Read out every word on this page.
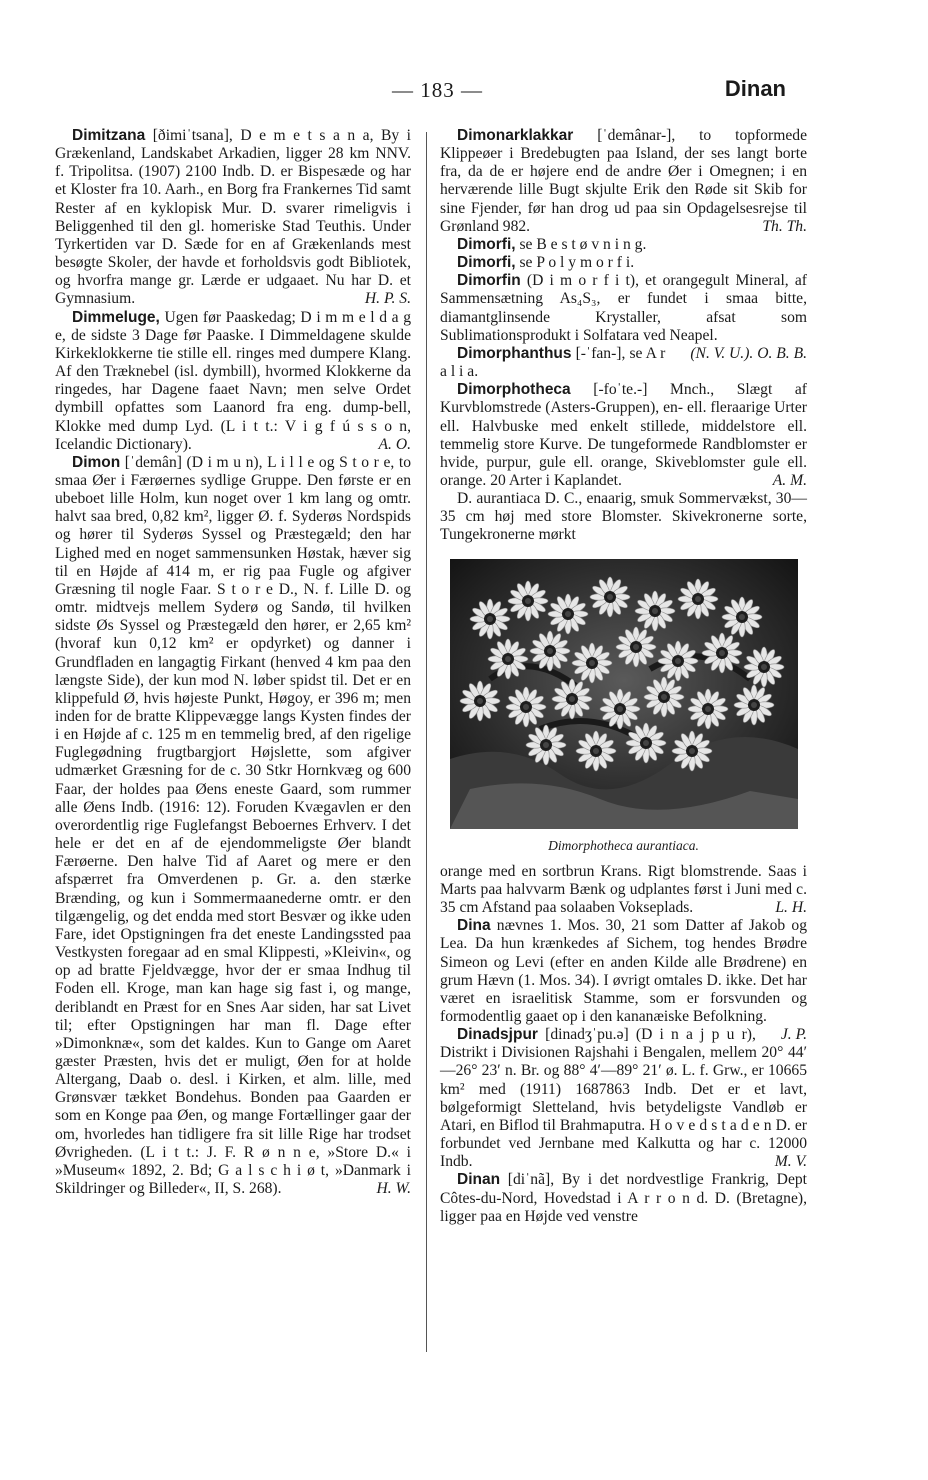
— 183 —	Dinan

Dimitzana [ðimiˈtsana], D e m e t s a n a, By i Grækenland, Landskabet Arkadien, ligger 28 km NNV. f. Tripolitsa. (1907) 2100 Indb. D. er Bispesæde og har et Kloster fra 10. Aarh., en Borg fra Frankernes Tid samt Rester af en kyklopisk Mur. D. svarer rimeligvis i Beliggenhed til den gl. homeriske Stad Teuthis. Under Tyrkertiden var D. Sæde for en af Grækenlands mest besøgte Skoler, der havde et forholdsvis godt Bibliotek, og hvorfra mange gr. Lærde er udgaaet. Nu har D. et Gymnasium.	H. P. S.

Dimmeluge, Ugen før Paaskedag; D i m m e l d a g e, de sidste 3 Dage før Paaske. I Dimmeldagene skulde Kirkeklokkerne tie stille ell. ringes med dumpere Klang. Af den Træknebel (isl. dymbill), hvormed Klokkerne da ringedes, har Dagene faaet Navn; men selve Ordet dymbill opfattes som Laanord fra eng. dump-bell, Klokke med dump Lyd. (L i t t.: V i g f ú s s o n, Icelandic Dictionary).	A. O.

Dimon [ˈdemân] (D i m u n), L i l l e og S t o r e, to smaa Øer i Færøernes sydlige Gruppe. Den første er en ubeboet lille Holm, kun noget over 1 km lang og omtr. halvt saa bred, 0,82 km², ligger Ø. f. Syderøs Nordspids og hører til Syderøs Syssel og Præstegæld; den har Lighed med en noget sammensunken Høstak, hæver sig til en Højde af 414 m, er rig paa Fugle og afgiver Græsning til nogle Faar. S t o r e D., N. f. Lille D. og omtr. midtvejs mellem Syderø og Sandø, til hvilken sidste Øs Syssel og Præstegæld den hører, er 2,65 km² (hvoraf kun 0,12 km² er opdyrket) og danner i Grundfladen en langagtig Firkant (henved 4 km paa den længste Side), der kun mod N. løber spidst til. Det er en klippefuld Ø, hvis højeste Punkt, Høgoy, er 396 m; men inden for de bratte Klippevægge langs Kysten findes der i en Højde af c. 125 m en temmelig bred, af den rigelige Fuglegødning frugtbargjort Højslette, som afgiver udmærket Græsning for de c. 30 Stkr Hornkvæg og 600 Faar, der holdes paa Øens eneste Gaard, som rummer alle Øens Indb. (1916: 12). Foruden Kvægavlen er den overordentlig rige Fuglefangst Beboernes Erhverv. I det hele er det en af de ejendommeligste Øer blandt Færøerne. Den halve Tid af Aaret og mere er den afspærret fra Omverdenen p. Gr. a. den stærke Brænding, og kun i Sommermaanederne omtr. er den tilgængelig, og det endda med stort Besvær og ikke uden Fare, idet Opstigningen fra det eneste Landingssted paa Vestkysten foregaar ad en smal Klippesti, »Kleivin«, og op ad bratte Fjeldvægge, hvor der er smaa Indhug til Foden ell. Kroge, man kan hage sig fast i, og mange, deriblandt en Præst for en Snes Aar siden, har sat Livet til; efter Opstigningen har man fl. Dage efter »Dimonknæ«, som det kaldes. Kun to Gange om Aaret gæster Præsten, hvis det er muligt, Øen for at holde Altergang, Daab o. desl. i Kirken, et alm. lille, med Grønsvær tækket Bondehus. Bonden paa Gaarden er som en Konge paa Øen, og mange Fortællinger gaar der om, hvorledes han tidligere fra sit lille Rige har trodset Øvrigheden. (L i t t.: J. F. R ø n n e, »Store D.« i »Museum« 1892, 2. Bd; G a l s c h i ø t, »Danmark i Skildringer og Billeder«, II, S. 268).	H. W.

Dimonarklakkar [ˈdemânar-], to topformede Klippeøer i Bredebugten paa Island, der ses langt borte fra, da de er højere end de andre Øer i Omegnen; i en herværende lille Bugt skjulte Erik den Røde sit Skib for sine Fjender, før han drog ud paa sin Opdagelsesrejse til Grønland 982.	Th. Th.

Dimorfi, se B e s t ø v n i n g.

Dimorfi, se P o l y m o r f i.

Dimorfin (D i m o r f i t), et orangegult Mineral, af Sammensætning As₄S₃, er fundet i smaa bitte, diamantglinsende Krystaller, afsat som Sublimationsprodukt i Solfatara ved Neapel.
(N. V. U.). O. B. B.

Dimorphanthus [-ˈfan-], se A r a l i a.

Dimorphotheca [-foˈte.-] Mnch., Slægt af Kurvblomstrede (Asters-Gruppen), en- ell. fleraarige Urter ell. Halvbuske med enkelt stillede, middelstore ell. temmelig store Kurve. De tungeformede Randblomster er hvide, purpur, gule ell. orange, Skiveblomster gule ell. orange. 20 Arter i Kaplandet.	A. M.

D. aurantiaca D. C., enaarig, smuk Sommervækst, 30—35 cm høj med store Blomster. Skivekronerne sorte, Tungekronerne mørkt

Dimorphotheca aurantiaca.

orange med en sortbrun Krans. Rigt blomstrende. Saas i Marts paa halvvarm Bænk og udplantes først i Juni med c. 35 cm Afstand paa solaaben Vokseplads.	L. H.

Dina nævnes 1. Mos. 30, 21 som Datter af Jakob og Lea. Da hun krænkedes af Sichem, tog hendes Brødre Simeon og Levi (efter en anden Kilde alle Brødrene) en grum Hævn (1. Mos. 34). I øvrigt omtales D. ikke. Det har været en israelitisk Stamme, som er forsvunden og formodentlig gaaet op i den kananæiske Befolkning.
J. P.

Dinadsjpur [dinadʒˈpu.ə] (D i n a j p u r), Distrikt i Divisionen Rajshahi i Bengalen, mellem 20° 44′—26° 23′ n. Br. og 88° 4′—89° 21′ ø. L. f. Grw., er 10665 km² med (1911) 1687863 Indb. Det er et lavt, bølgeformigt Sletteland, hvis betydeligste Vandløb er Atari, en Biflod til Brahmaputra. H o v e d s t a d e n D. er forbundet ved Jernbane med Kalkutta og har c. 12000 Indb.	M. V.

Dinan [diˈnã], By i det nordvestlige Frankrig, Dept Côtes-du-Nord, Hovedstad i A r r o n d. D. (Bretagne), ligger paa en Højde ved venstre
